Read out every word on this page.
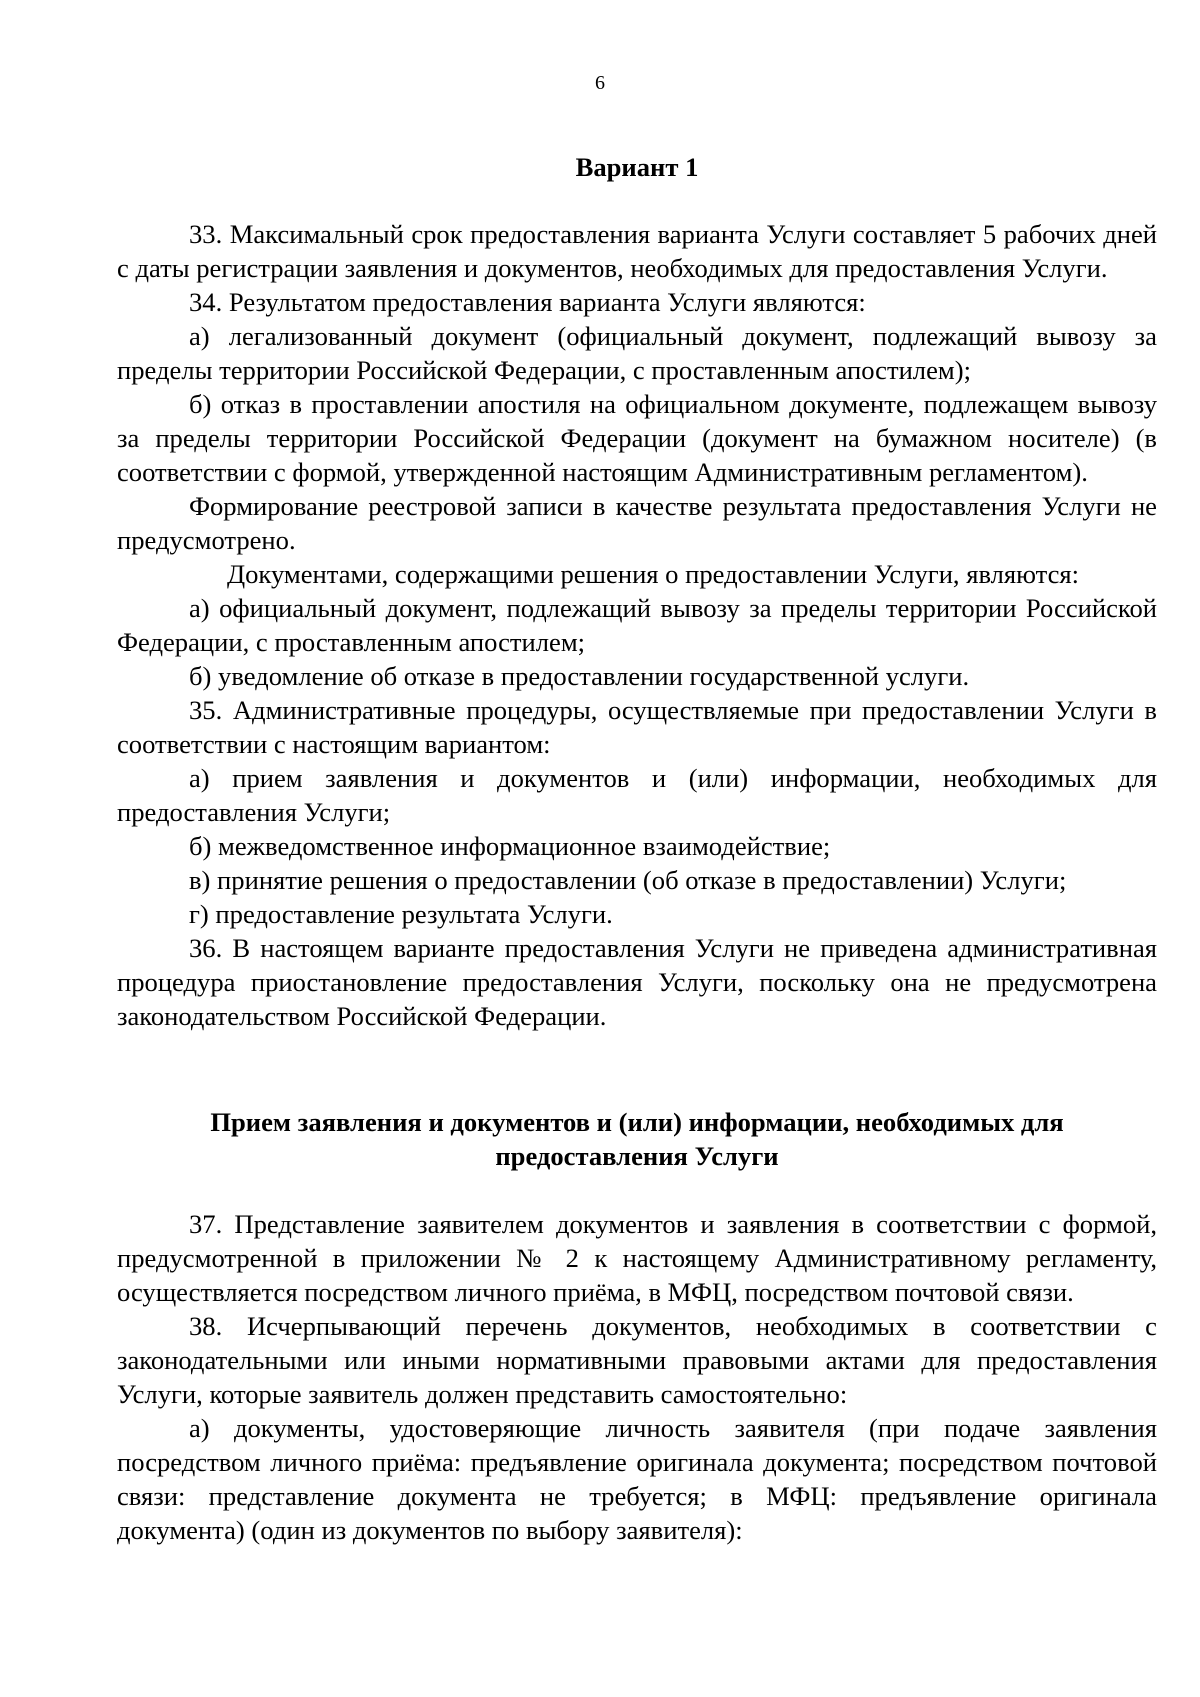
6

Вариант 1

33. Максимальный срок предоставления варианта Услуги составляет 5 рабочих дней с даты регистрации заявления и документов, необходимых для предоставления Услуги.

34. Результатом предоставления варианта Услуги являются:

а) легализованный документ (официальный документ, подлежащий вывозу за пределы территории Российской Федерации, с проставленным апостилем);

б) отказ в проставлении апостиля на официальном документе, подлежащем вывозу за пределы территории Российской Федерации (документ на бумажном носителе) (в соответствии с формой, утвержденной настоящим Административным регламентом).

Формирование реестровой записи в качестве результата предоставления Услуги не предусмотрено.

Документами, содержащими решения о предоставлении Услуги, являются:

а) официальный документ, подлежащий вывозу за пределы территории Российской Федерации, с проставленным апостилем;

б) уведомление об отказе в предоставлении государственной услуги.

35. Административные процедуры, осуществляемые при предоставлении Услуги в соответствии с настоящим вариантом:

а) прием заявления и документов и (или) информации, необходимых для предоставления Услуги;

б) межведомственное информационное взаимодействие;

в) принятие решения о предоставлении (об отказе в предоставлении) Услуги;

г) предоставление результата Услуги.

36. В настоящем варианте предоставления Услуги не приведена административная процедура приостановление предоставления Услуги, поскольку она не предусмотрена законодательством Российской Федерации.

Прием заявления и документов и (или) информации, необходимых для
предоставления Услуги

37. Представление заявителем документов и заявления в соответствии с формой, предусмотренной в приложении № 2 к настоящему Административному регламенту, осуществляется посредством личного приёма, в МФЦ, посредством почтовой связи.

38. Исчерпывающий перечень документов, необходимых в соответствии с законодательными или иными нормативными правовыми актами для предоставления Услуги, которые заявитель должен представить самостоятельно:

а) документы, удостоверяющие личность заявителя (при подаче заявления посредством личного приёма: предъявление оригинала документа; посредством почтовой связи: представление документа не требуется; в МФЦ: предъявление оригинала документа) (один из документов по выбору заявителя):
